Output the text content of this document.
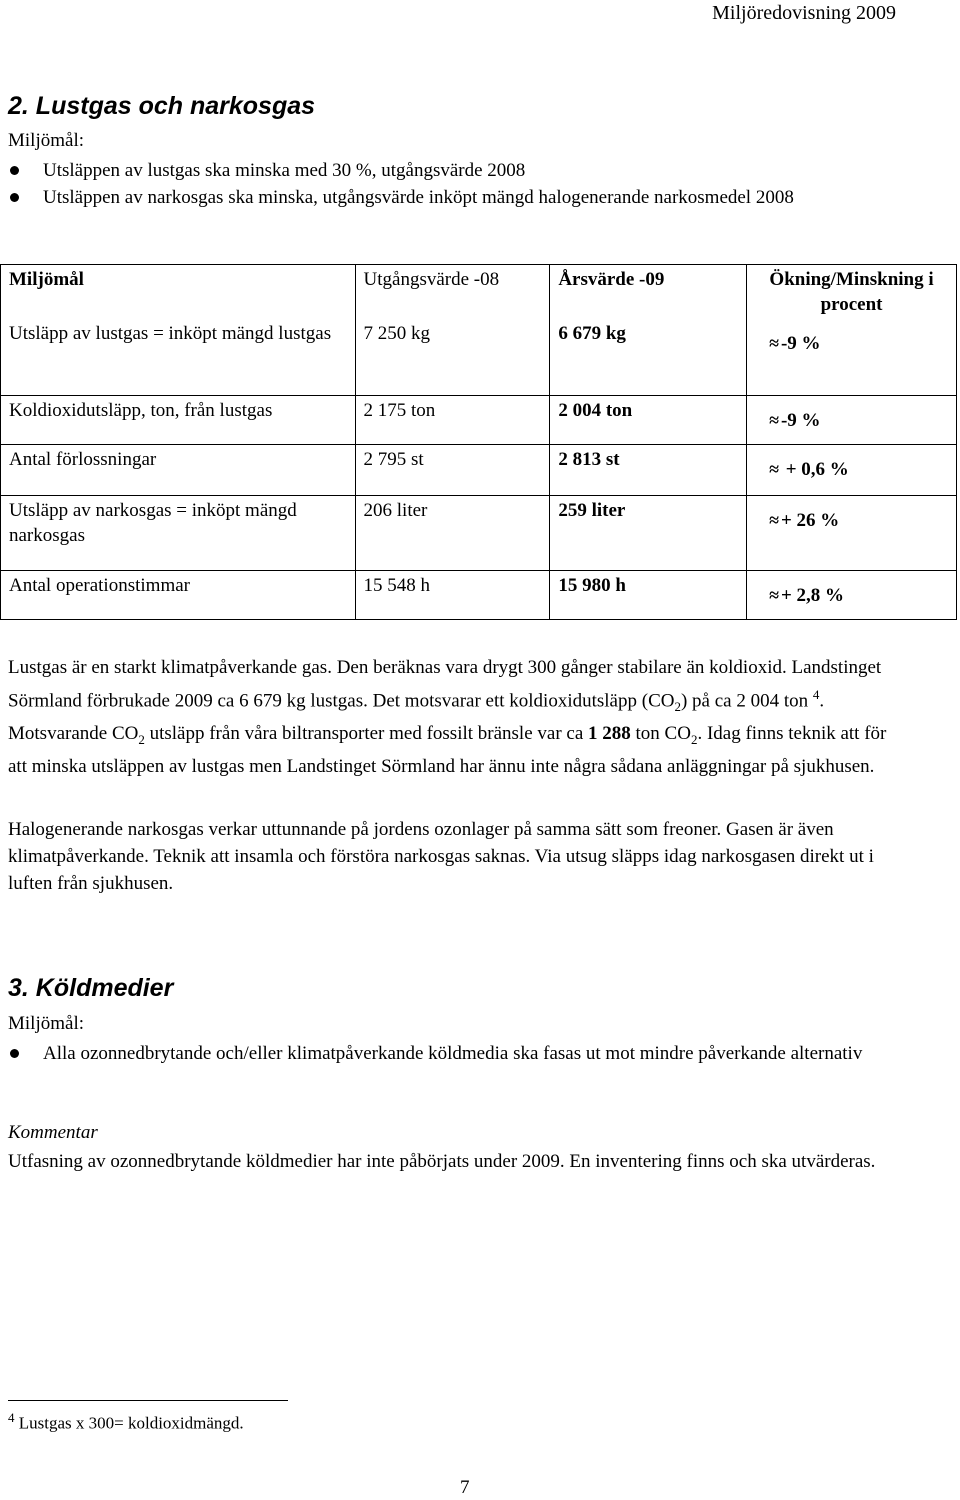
Miljöredovisning 2009
2. Lustgas och narkosgas
Miljömål:
Utsläppen av lustgas ska minska med 30 %, utgångsvärde 2008
Utsläppen av narkosgas ska minska, utgångsvärde inköpt mängd halogenerande narkosmedel 2008
Miljömål	Utgångsvärde -08	Årsvärde -09	Ökning/Minskning i procent
Utsläpp av lustgas = inköpt mängd lustgas	7 250 kg	6 679 kg	≈ -9 %
Koldioxidutsläpp, ton, från lustgas	2 175 ton	2 004 ton	≈ -9 %
Antal förlossningar	2 795 st	2 813 st	≈ + 0,6 %
Utsläpp av narkosgas = inköpt mängd narkosgas	206 liter	259 liter	≈ + 26 %
Antal operationstimmar	15 548 h	15 980 h	≈ + 2,8 %

Lustgas är en starkt klimatpåverkande gas. Den beräknas vara drygt 300 gånger stabilare än koldioxid. Landstinget Sörmland förbrukade 2009 ca 6 679 kg lustgas. Det motsvarar ett koldioxidutsläpp $(CO_2)$ på ca 2 004 ton $^4$. Motsvarande $CO_2$ utsläpp från våra biltransporter med fossilt bränsle var ca 1 288 ton $CO_2$. Idag finns teknik att för att minska utsläppen av lustgas men Landstinget Sörmland har ännu inte några sådana anläggningar på sjukhusen.

Halogenerande narkosgas verkar uttunnande på jordens ozonlager på samma sätt som freoner. Gasen är även klimatpåverkande. Teknik att insamla och förstöra narkosgas saknas. Via utsug släpps idag narkosgasen direkt ut i luften från sjukhusen.

3. Köldmedier
Miljömål:
Alla ozonnedbrytande och/eller klimatpåverkande köldmedia ska fasas ut mot mindre påverkande alternativ
Kommentar

Utfasning av ozonnedbrytande köldmedier har inte påbörjats under 2009. En inventering finns och ska utvärderas.

$^4$ Lustgas x 300= koldioxidmängd.
7
